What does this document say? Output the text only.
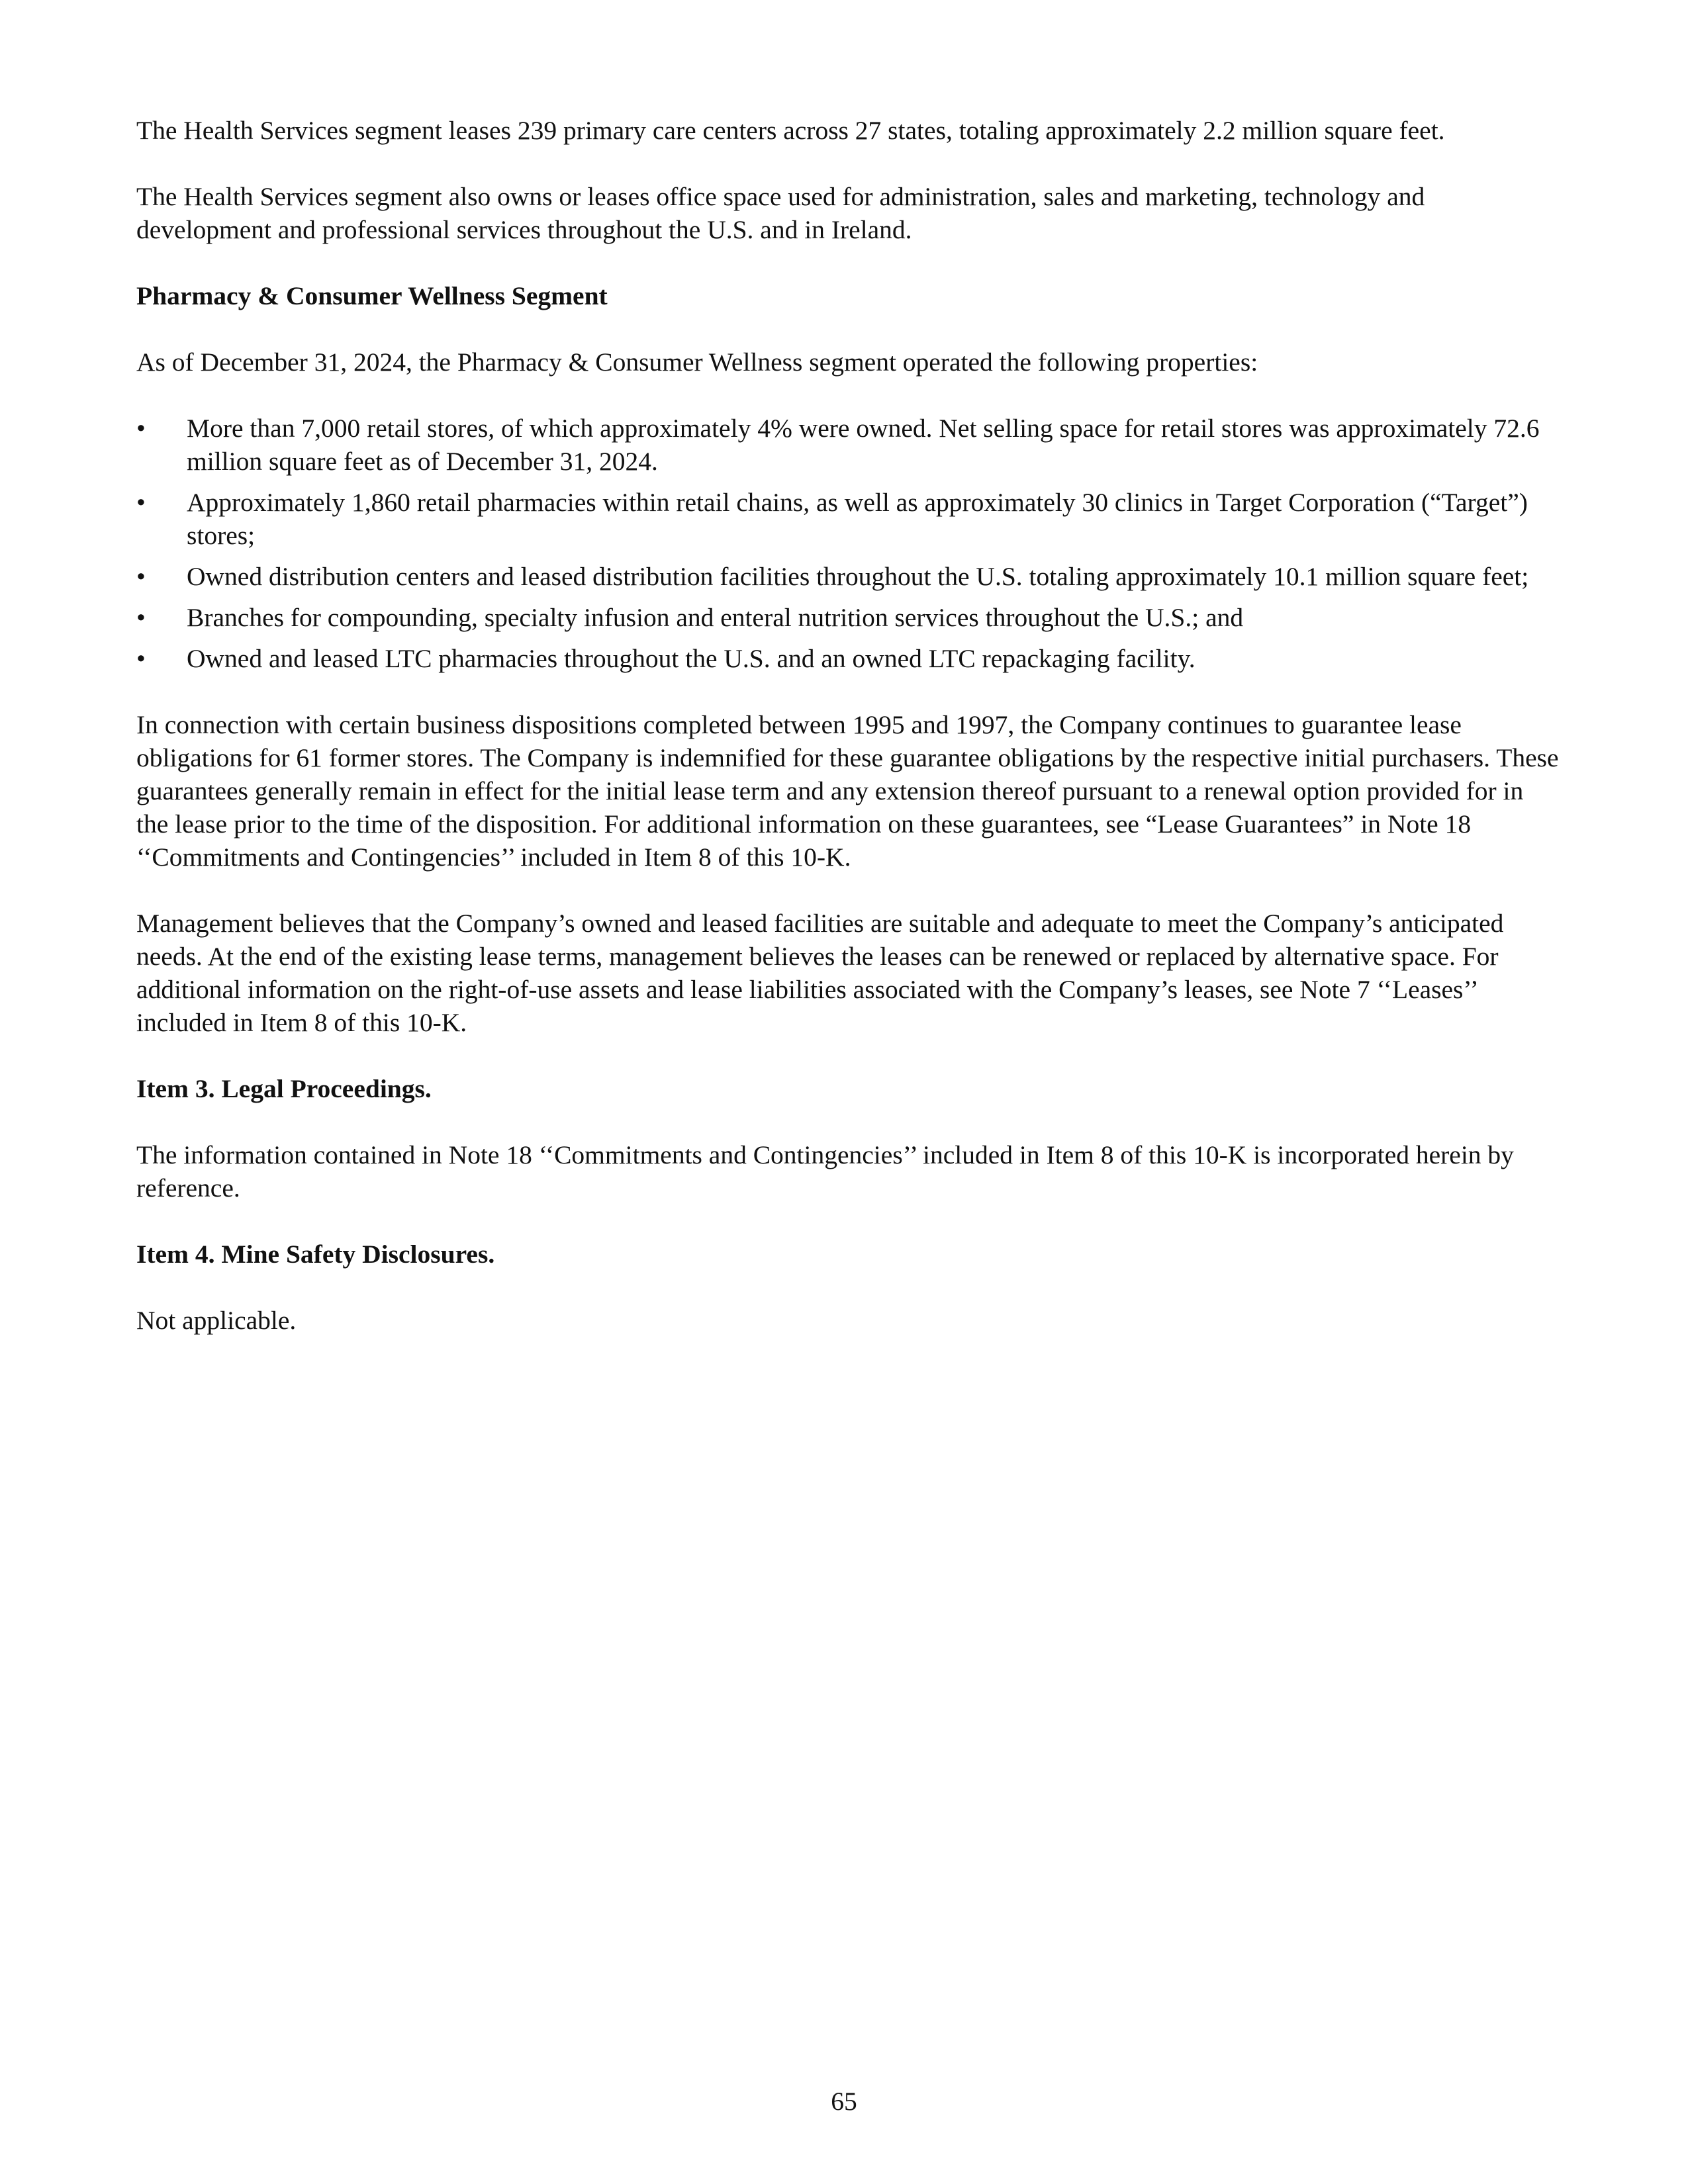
The Health Services segment leases 239 primary care centers across 27 states, totaling approximately 2.2 million square feet.

The Health Services segment also owns or leases office space used for administration, sales and marketing, technology and development and professional services throughout the U.S. and in Ireland.

Pharmacy & Consumer Wellness Segment

As of December 31, 2024, the Pharmacy & Consumer Wellness segment operated the following properties:

• More than 7,000 retail stores, of which approximately 4% were owned. Net selling space for retail stores was approximately 72.6 million square feet as of December 31, 2024.
• Approximately 1,860 retail pharmacies within retail chains, as well as approximately 30 clinics in Target Corporation (“Target”) stores;
• Owned distribution centers and leased distribution facilities throughout the U.S. totaling approximately 10.1 million square feet;
• Branches for compounding, specialty infusion and enteral nutrition services throughout the U.S.; and
• Owned and leased LTC pharmacies throughout the U.S. and an owned LTC repackaging facility.

In connection with certain business dispositions completed between 1995 and 1997, the Company continues to guarantee lease obligations for 61 former stores. The Company is indemnified for these guarantee obligations by the respective initial purchasers. These guarantees generally remain in effect for the initial lease term and any extension thereof pursuant to a renewal option provided for in the lease prior to the time of the disposition. For additional information on these guarantees, see “Lease Guarantees” in Note 18 ‘‘Commitments and Contingencies’’ included in Item 8 of this 10-K.

Management believes that the Company’s owned and leased facilities are suitable and adequate to meet the Company’s anticipated needs. At the end of the existing lease terms, management believes the leases can be renewed or replaced by alternative space. For additional information on the right-of-use assets and lease liabilities associated with the Company’s leases, see Note 7 ‘‘Leases’’ included in Item 8 of this 10-K.

Item 3. Legal Proceedings.

The information contained in Note 18 ‘‘Commitments and Contingencies’’ included in Item 8 of this 10-K is incorporated herein by reference.

Item 4. Mine Safety Disclosures.

Not applicable.

65
